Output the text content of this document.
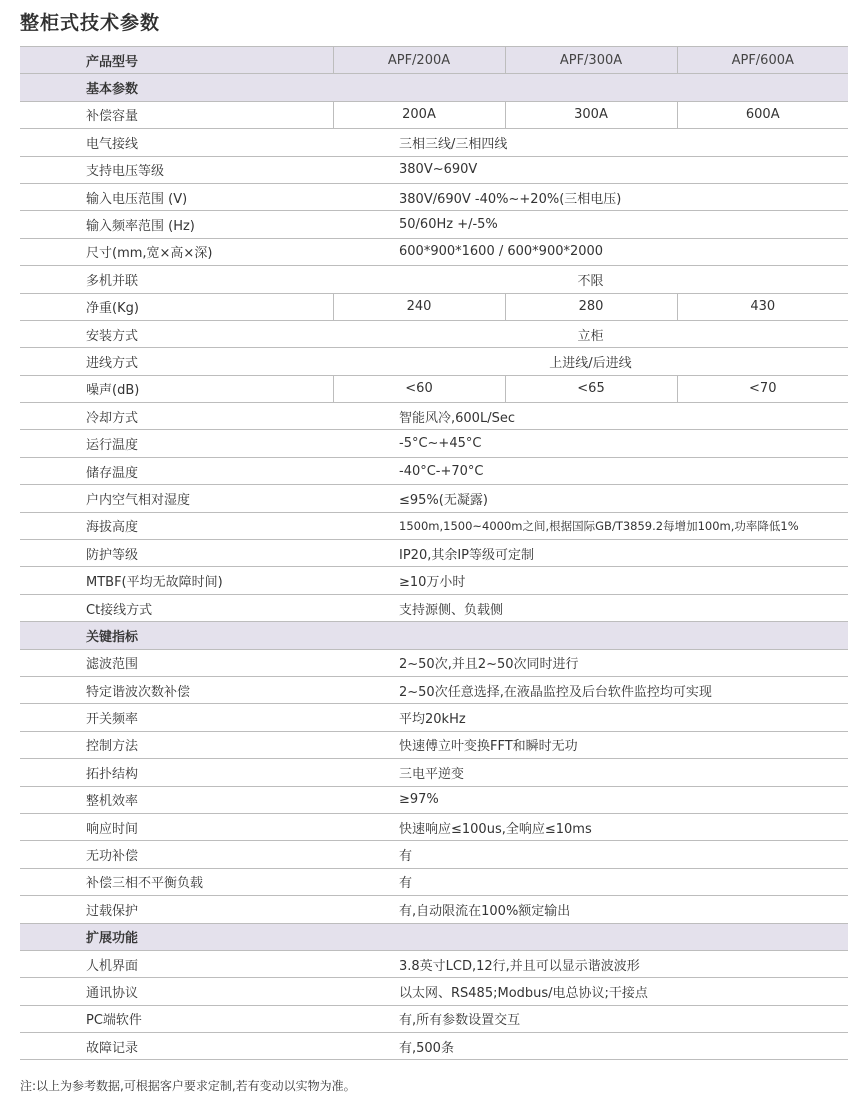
整柜式技术参数
产品型号	APF/200A	APF/300A	APF/600A
基本参数			
补偿容量	200A	300A	600A
电气接线	三相三线/三相四线		
支持电压等级	380V~690V		
输入电压范围 (V)	380V/690V -40%~+20%(三相电压)		
输入频率范围 (Hz)	50/60Hz +/-5%		
尺寸(mm,宽×高×深)	600*900*1600 / 600*900*2000		
多机并联	不限		
净重(Kg)	240	280	430
安装方式	立柜		
进线方式	上进线/后进线		
噪声(dB)	<60	<65	<70
冷却方式	智能风冷,600L/Sec		
运行温度	-5°C~+45°C		
储存温度	-40°C-+70°C		
户内空气相对湿度	≤95%(无凝露)		
海拔高度	1500m,1500~4000m之间,根据国际GB/T3859.2每增加100m,功率降低1%		
防护等级	IP20,其余IP等级可定制		
MTBF(平均无故障时间)	≥10万小时		
Ct接线方式	支持源侧、负载侧		
关键指标			
滤波范围	2~50次,并且2~50次同时进行		
特定谐波次数补偿	2~50次任意选择,在液晶监控及后台软件监控均可实现		
开关频率	平均20kHz		
控制方法	快速傅立叶变换FFT和瞬时无功		
拓扑结构	三电平逆变		
整机效率	≥97%		
响应时间	快速响应≤100us,全响应≤10ms		
无功补偿	有		
补偿三相不平衡负载	有		
过载保护	有,自动限流在100%额定输出		
扩展功能			
人机界面	3.8英寸LCD,12行,并且可以显示谐波波形		
通讯协议	以太网、RS485;Modbus/电总协议;干接点		
PC端软件	有,所有参数设置交互		
故障记录	有,500条		
注:以上为参考数据,可根据客户要求定制,若有变动以实物为准。
